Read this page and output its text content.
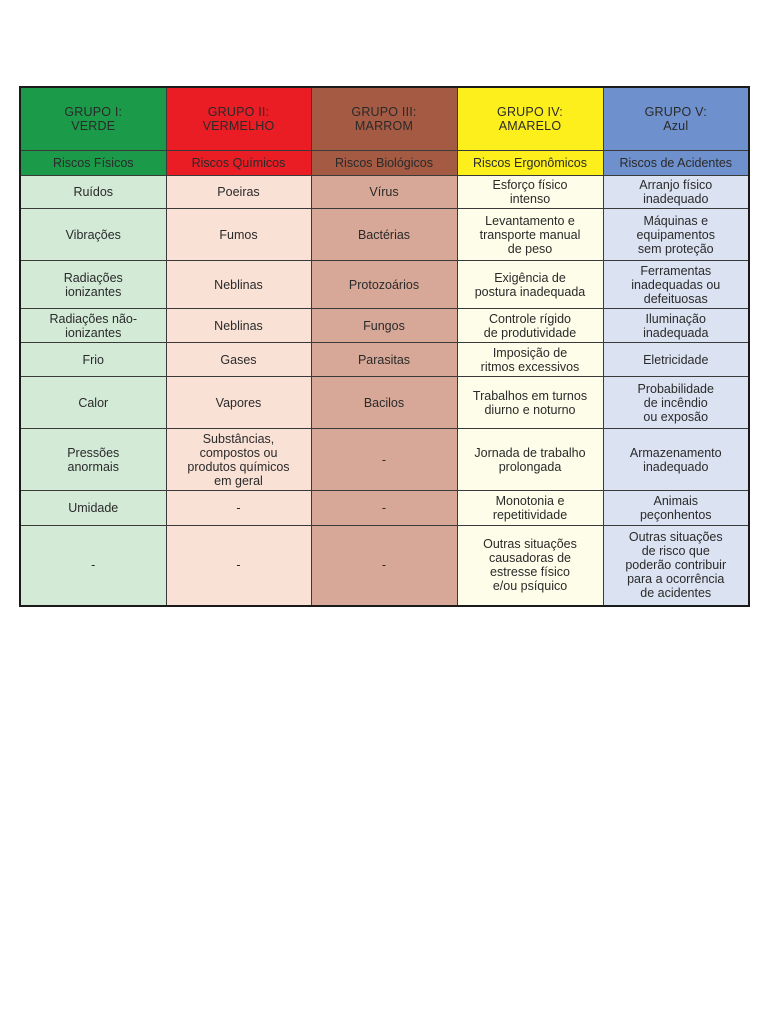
GRUPO I:
VERDE	GRUPO II:
VERMELHO	GRUPO III:
MARROM	GRUPO IV:
AMARELO	GRUPO V:
Azul

Riscos Físicos	Riscos Químicos	Riscos Biológicos	Riscos Ergonômicos	Riscos de Acidentes

Ruídos	Poeiras	Vírus	Esforço físico
intenso	Arranjo físico
inadequado

Vibrações	Fumos	Bactérias	Levantamento e
transporte manual
de peso	Máquinas e
equipamentos
sem proteção

Radiações
ionizantes	Neblinas	Protozoários	Exigência de
postura inadequada	Ferramentas
inadequadas ou
defeituosas

Radiações não-
ionizantes	Neblinas	Fungos	Controle rígido
de produtividade	Iluminação
inadequada

Frio	Gases	Parasitas	Imposição de
ritmos excessivos	Eletricidade

Calor	Vapores	Bacilos	Trabalhos em turnos
diurno e noturno	Probabilidade
de incêndio
ou exposão

Pressões
anormais	Substâncias,
compostos ou
produtos químicos
em geral	-	Jornada de trabalho
prolongada	Armazenamento
inadequado

Umidade	-	-	Monotonia e
repetitividade	Animais
peçonhentos

-	-	-	Outras situações
causadoras de
estresse físico
e/ou psíquico	Outras situações
de risco que
poderão contribuir
para a ocorrência
de acidentes
